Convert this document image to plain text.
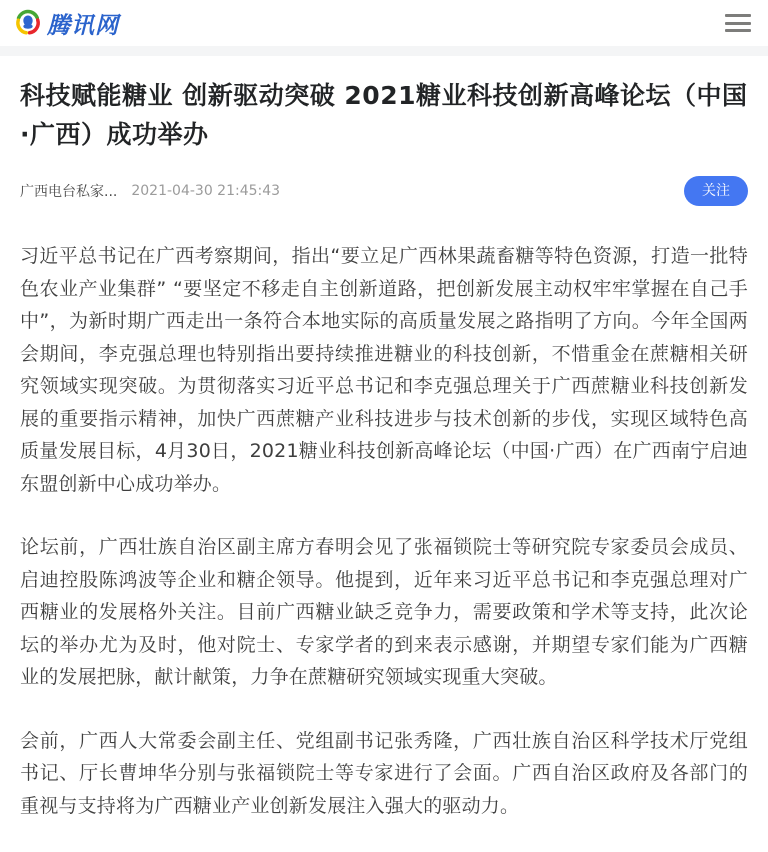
腾讯网
科技赋能糖业 创新驱动突破 2021糖业科技创新高峰论坛（中国·广西）成功举办
广西电台私家... 2021-04-30 21:45:43	关注

习近平总书记在广西考察期间，指出“要立足广西林果蔬畜糖等特色资源，打造一批特色农业产业集群” “要坚定不移走自主创新道路，把创新发展主动权牢牢掌握在自己手中”，为新时期广西走出一条符合本地实际的高质量发展之路指明了方向。今年全国两会期间，李克强总理也特别指出要持续推进糖业的科技创新，不惜重金在蔗糖相关研究领域实现突破。为贯彻落实习近平总书记和李克强总理关于广西蔗糖业科技创新发展的重要指示精神，加快广西蔗糖产业科技进步与技术创新的步伐，实现区域特色高质量发展目标，4月30日，2021糖业科技创新高峰论坛（中国·广西）在广西南宁启迪东盟创新中心成功举办。

论坛前，广西壮族自治区副主席方春明会见了张福锁院士等研究院专家委员会成员、启迪控股陈鸿波等企业和糖企领导。他提到，近年来习近平总书记和李克强总理对广西糖业的发展格外关注。目前广西糖业缺乏竞争力，需要政策和学术等支持，此次论坛的举办尤为及时，他对院士、专家学者的到来表示感谢，并期望专家们能为广西糖业的发展把脉，献计献策，力争在蔗糖研究领域实现重大突破。

会前，广西人大常委会副主任、党组副书记张秀隆，广西壮族自治区科学技术厅党组书记、厅长曹坤华分别与张福锁院士等专家进行了会面。广西自治区政府及各部门的重视与支持将为广西糖业产业创新发展注入强大的驱动力。
